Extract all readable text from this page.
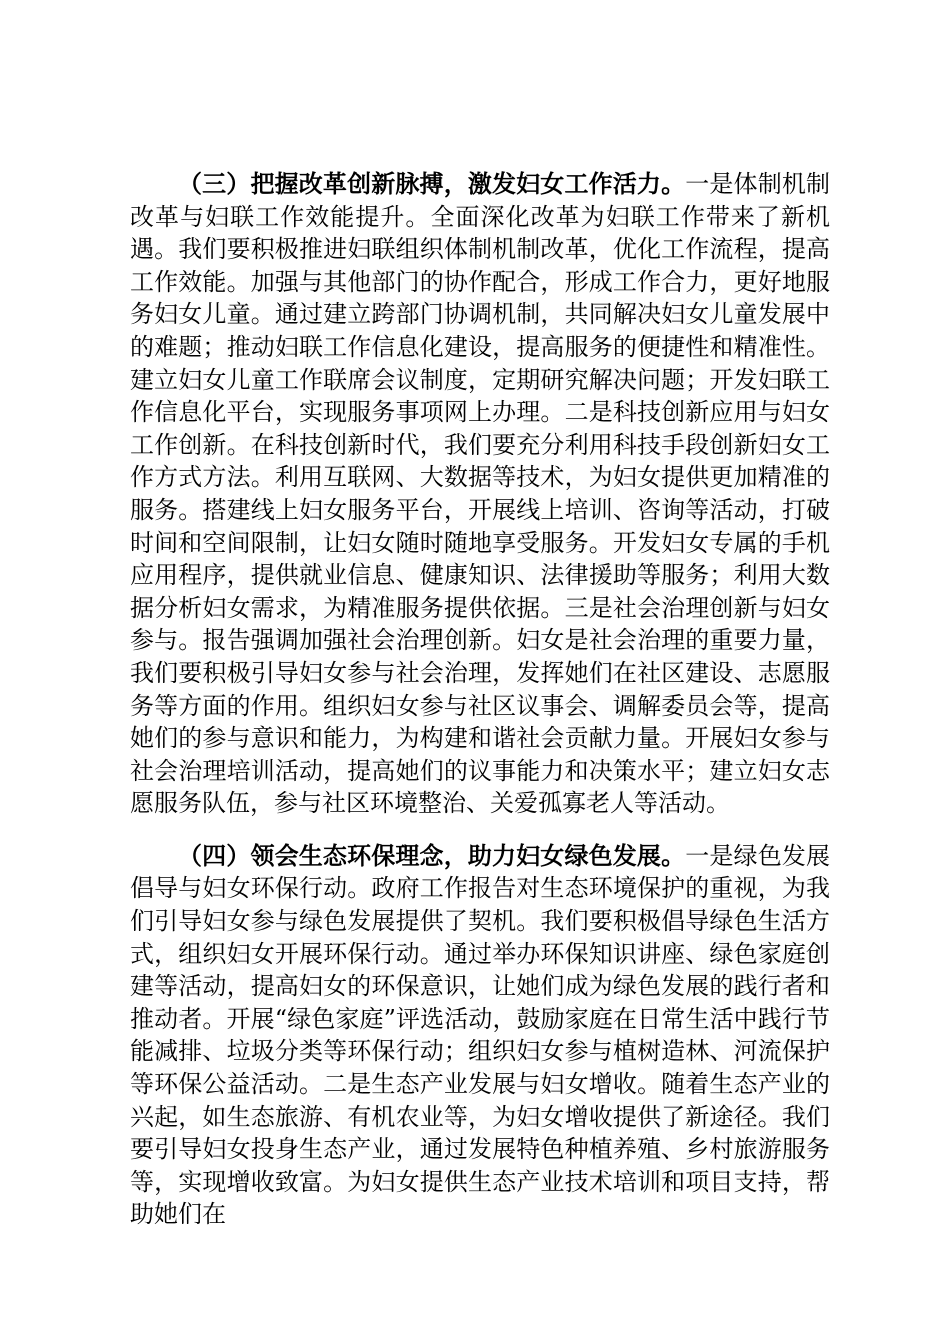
（三）把握改革创新脉搏，激发妇女工作活力。一是体制机制改革与妇联工作效能提升。全面深化改革为妇联工作带来了新机遇。我们要积极推进妇联组织体制机制改革，优化工作流程，提高工作效能。加强与其他部门的协作配合，形成工作合力，更好地服务妇女儿童。通过建立跨部门协调机制，共同解决妇女儿童发展中的难题；推动妇联工作信息化建设，提高服务的便捷性和精准性。建立妇女儿童工作联席会议制度，定期研究解决问题；开发妇联工作信息化平台，实现服务事项网上办理。二是科技创新应用与妇女工作创新。在科技创新时代，我们要充分利用科技手段创新妇女工作方式方法。利用互联网、大数据等技术，为妇女提供更加精准的服务。搭建线上妇女服务平台，开展线上培训、咨询等活动，打破时间和空间限制，让妇女随时随地享受服务。开发妇女专属的手机应用程序，提供就业信息、健康知识、法律援助等服务；利用大数据分析妇女需求，为精准服务提供依据。三是社会治理创新与妇女参与。报告强调加强社会治理创新。妇女是社会治理的重要力量，我们要积极引导妇女参与社会治理，发挥她们在社区建设、志愿服务等方面的作用。组织妇女参与社区议事会、调解委员会等，提高她们的参与意识和能力，为构建和谐社会贡献力量。开展妇女参与社会治理培训活动，提高她们的议事能力和决策水平；建立妇女志愿服务队伍，参与社区环境整治、关爱孤寡老人等活动。

（四）领会生态环保理念，助力妇女绿色发展。一是绿色发展倡导与妇女环保行动。政府工作报告对生态环境保护的重视，为我们引导妇女参与绿色发展提供了契机。我们要积极倡导绿色生活方式，组织妇女开展环保行动。通过举办环保知识讲座、绿色家庭创建等活动，提高妇女的环保意识，让她们成为绿色发展的践行者和推动者。开展“绿色家庭”评选活动，鼓励家庭在日常生活中践行节能减排、垃圾分类等环保行动；组织妇女参与植树造林、河流保护等环保公益活动。二是生态产业发展与妇女增收。随着生态产业的兴起，如生态旅游、有机农业等，为妇女增收提供了新途径。我们要引导妇女投身生态产业，通过发展特色种植养殖、乡村旅游服务等，实现增收致富。为妇女提供生态产业技术培训和项目支持，帮助她们在
